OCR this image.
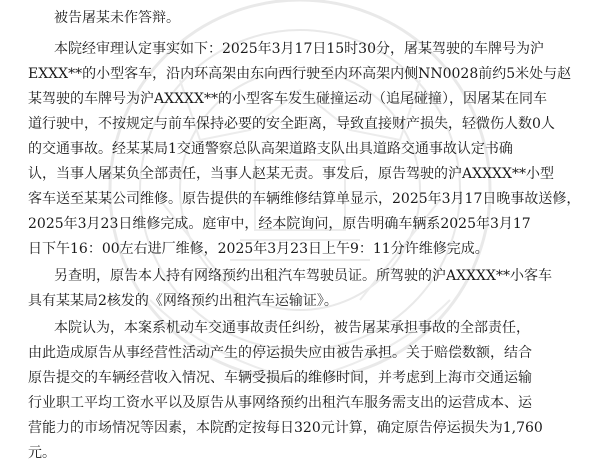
被告屠某未作答辩。
本院经审理认定事实如下：2025年3月17日15时30分，屠某驾驶的车牌号为沪
EXXX**的小型客车，沿内环高架由东向西行驶至内环高架内侧NN0028前约5米处与赵
某驾驶的车牌号为沪AXXXX**的小型客车发生碰撞运动（追尾碰撞），因屠某在同车
道行驶中，不按规定与前车保持必要的安全距离，导致直接财产损失，轻微伤人数0人
的交通事故。经某某局1交通警察总队高架道路支队出具道路交通事故认定书确
认，当事人屠某负全部责任，当事人赵某无责。事发后，原告驾驶的沪AXXXX**小型
客车送至某某公司维修。原告提供的车辆维修结算单显示，2025年3月17日晚事故送修，
2025年3月23日维修完成。庭审中，经本院询问，原告明确车辆系2025年3月17
日下午16：00左右进厂维修，2025年3月23日上午9：11分许维修完成。
另查明，原告本人持有网络预约出租汽车驾驶员证。所驾驶的沪AXXXX**小客车
具有某某局2核发的《网络预约出租汽车运输证》。
本院认为，本案系机动车交通事故责任纠纷，被告屠某承担事故的全部责任，
由此造成原告从事经营性活动产生的停运损失应由被告承担。关于赔偿数额，结合
原告提交的车辆经营收入情况、车辆受损后的维修时间，并考虑到上海市交通运输
行业职工平均工资水平以及原告从事网络预约出租汽车服务需支出的运营成本、运
营能力的市场情况等因素，本院酌定按每日320元计算，确定原告停运损失为1,760
元。
